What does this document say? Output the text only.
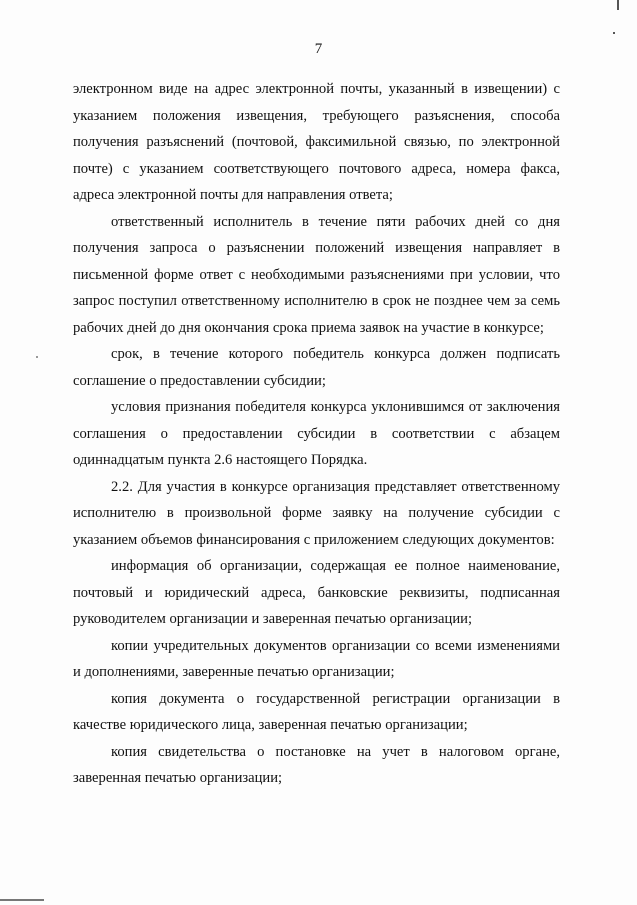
7

электронном виде на адрес электронной почты, указанный в извещении) с указанием положения извещения, требующего разъяснения, способа получения разъяснений (почтовой, факсимильной связью, по электронной почте) с указанием соответствующего почтового адреса, номера факса, адреса электронной почты для направления ответа;

ответственный исполнитель в течение пяти рабочих дней со дня получения запроса о разъяснении положений извещения направляет в письменной форме ответ с необходимыми разъяснениями при условии, что запрос поступил ответственному исполнителю в срок не позднее чем за семь рабочих дней до дня окончания срока приема заявок на участие в конкурсе;

срок, в течение которого победитель конкурса должен подписать соглашение о предоставлении субсидии;

условия признания победителя конкурса уклонившимся от заключения соглашения о предоставлении субсидии в соответствии с абзацем одиннадцатым пункта 2.6 настоящего Порядка.

2.2. Для участия в конкурсе организация представляет ответственному исполнителю в произвольной форме заявку на получение субсидии с указанием объемов финансирования с приложением следующих документов:

информация об организации, содержащая ее полное наименование, почтовый и юридический адреса, банковские реквизиты, подписанная руководителем организации и заверенная печатью организации;

копии учредительных документов организации со всеми изменениями и дополнениями, заверенные печатью организации;

копия документа о государственной регистрации организации в качестве юридического лица, заверенная печатью организации;

копия свидетельства о постановке на учет в налоговом органе, заверенная печатью организации;
